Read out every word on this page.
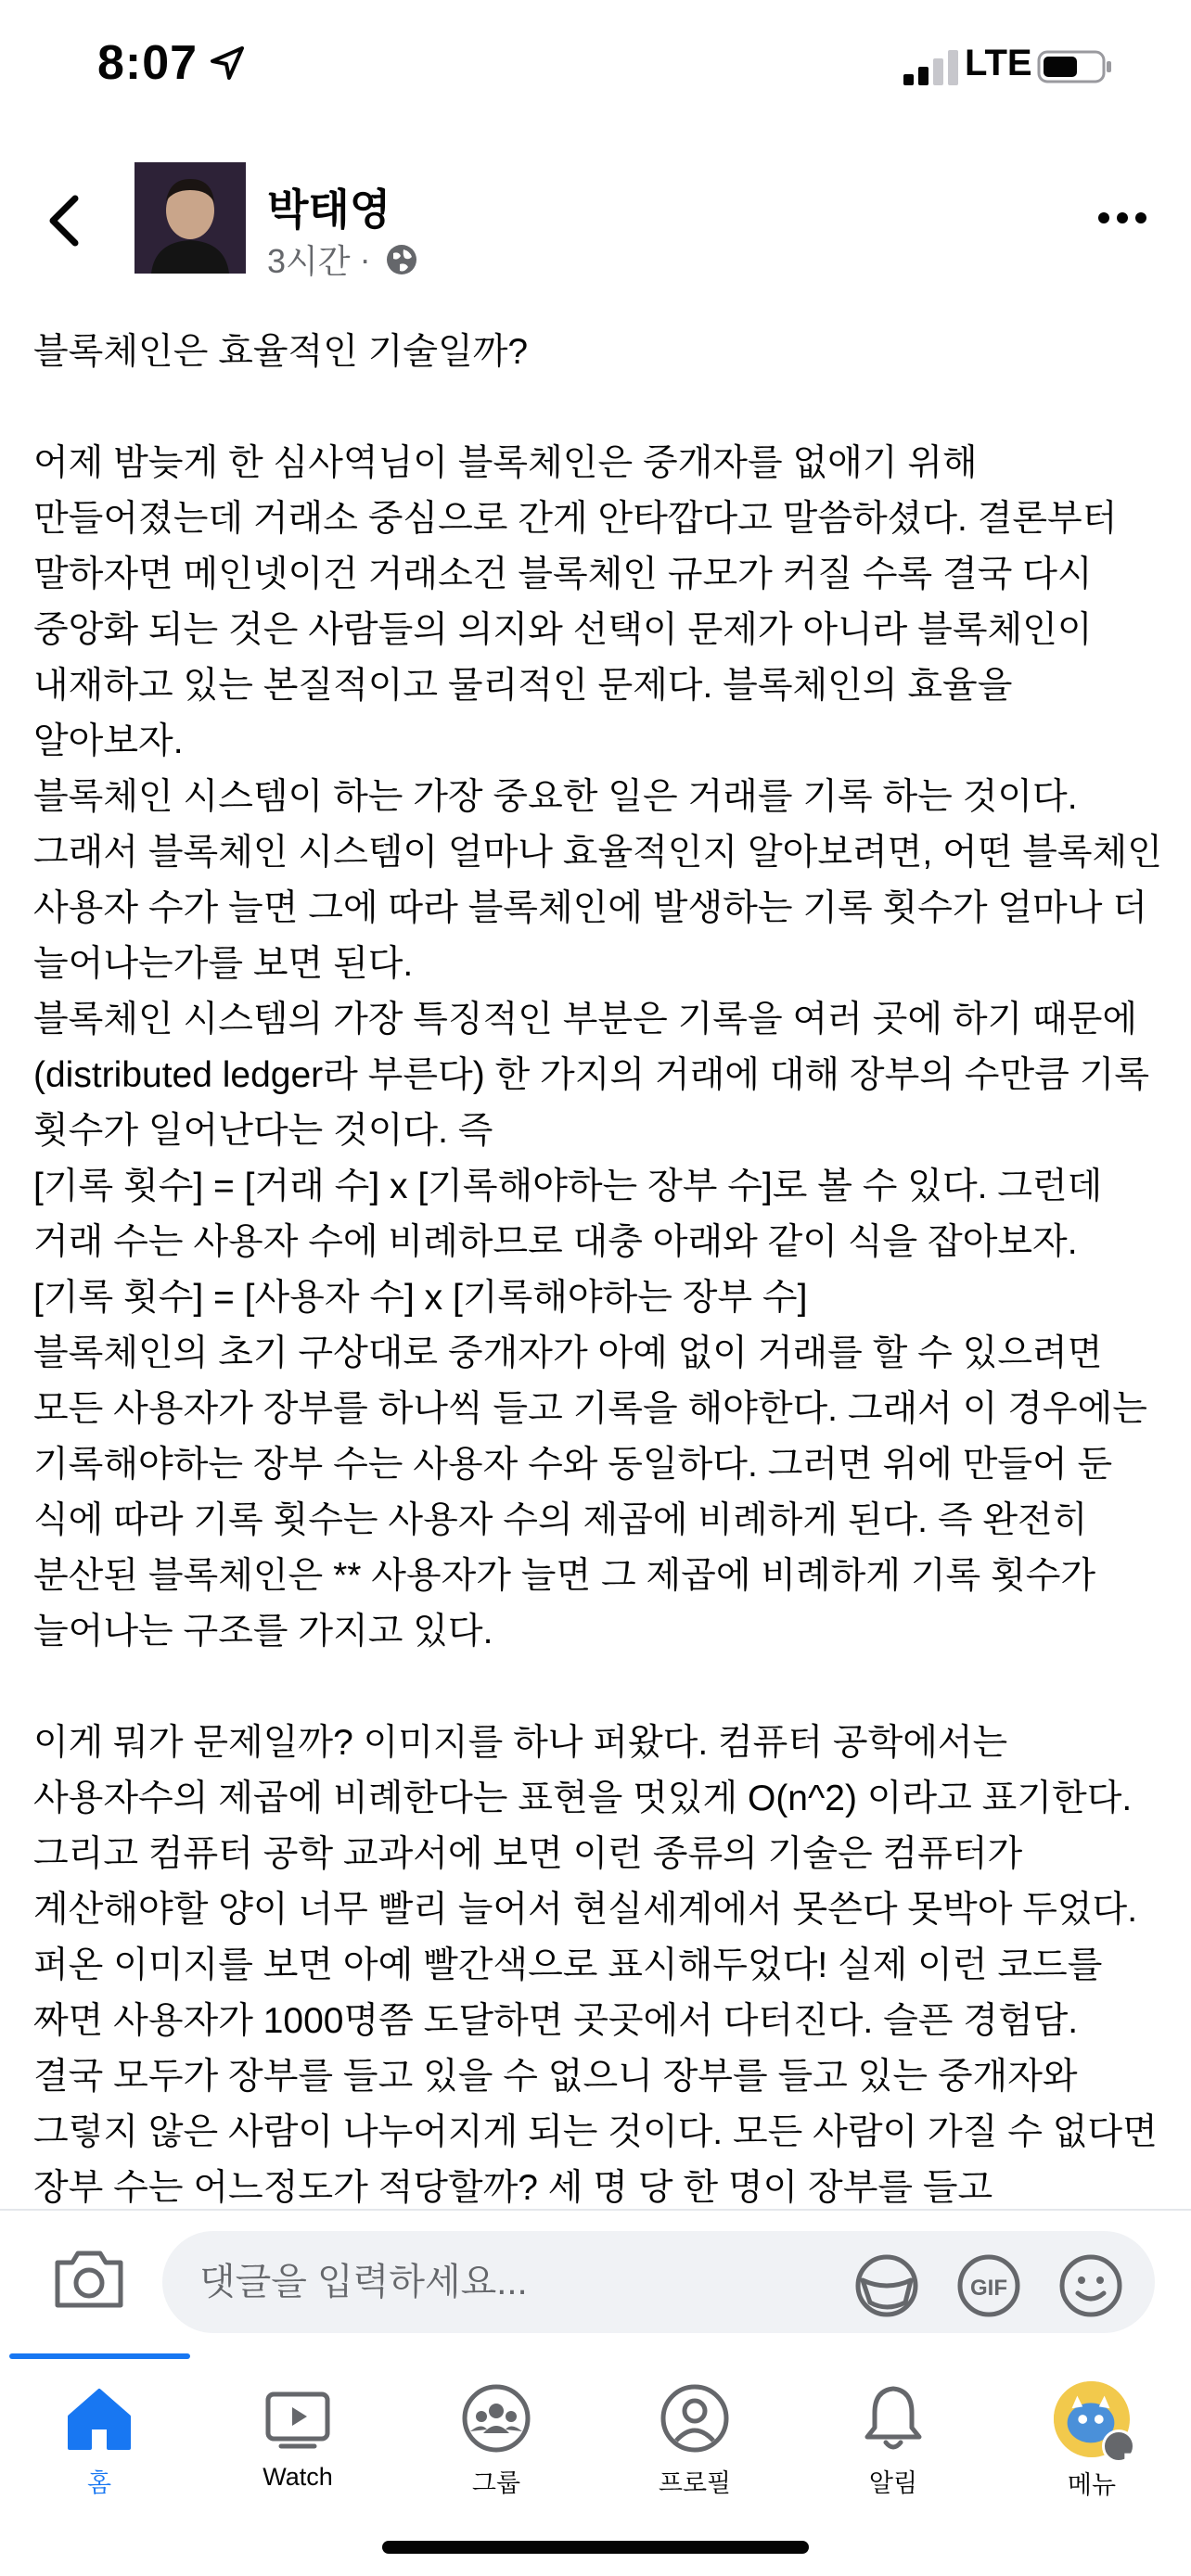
8:07	LTE
박태영
3시간 ·
블록체인은 효율적인 기술일까?

어제 밤늦게 한 심사역님이 블록체인은 중개자를 없애기 위해 만들어졌는데 거래소 중심으로 간게 안타깝다고 말씀하셨다. 결론부터 말하자면 메인넷이건 거래소건 블록체인 규모가 커질 수록 결국 다시 중앙화 되는 것은 사람들의 의지와 선택이 문제가 아니라 블록체인이 내재하고 있는 본질적이고 물리적인 문제다. 블록체인의 효율을 알아보자.
블록체인 시스템이 하는 가장 중요한 일은 거래를 기록 하는 것이다. 그래서 블록체인 시스템이 얼마나 효율적인지 알아보려면, 어떤 블록체인 사용자 수가 늘면 그에 따라 블록체인에 발생하는 기록 횟수가 얼마나 더 늘어나는가를 보면 된다.
블록체인 시스템의 가장 특징적인 부분은 기록을 여러 곳에 하기 때문에 (distributed ledger라 부른다) 한 가지의 거래에 대해 장부의 수만큼 기록 횟수가 일어난다는 것이다. 즉
[기록 횟수] = [거래 수] x [기록해야하는 장부 수]로 볼 수 있다. 그런데 거래 수는 사용자 수에 비례하므로 대충 아래와 같이 식을 잡아보자.
[기록 횟수] = [사용자 수] x [기록해야하는 장부 수]
블록체인의 초기 구상대로 중개자가 아예 없이 거래를 할 수 있으려면 모든 사용자가 장부를 하나씩 들고 기록을 해야한다. 그래서 이 경우에는 기록해야하는 장부 수는 사용자 수와 동일하다. 그러면 위에 만들어 둔 식에 따라 기록 횟수는 사용자 수의 제곱에 비례하게 된다. 즉 완전히 분산된 블록체인은 ** 사용자가 늘면 그 제곱에 비례하게 기록 횟수가 늘어나는 구조를 가지고 있다.

이게 뭐가 문제일까? 이미지를 하나 퍼왔다. 컴퓨터 공학에서는 사용자수의 제곱에 비례한다는 표현을 멋있게 O(n^2) 이라고 표기한다. 그리고 컴퓨터 공학 교과서에 보면 이런 종류의 기술은 컴퓨터가 계산해야할 양이 너무 빨리 늘어서 현실세계에서 못쓴다 못박아 두었다. 퍼온 이미지를 보면 아예 빨간색으로 표시해두었다! 실제 이런 코드를 짜면 사용자가 1000명쯤 도달하면 곳곳에서 다터진다. 슬픈 경험담.
결국 모두가 장부를 들고 있을 수 없으니 장부를 들고 있는 중개자와 그렇지 않은 사람이 나누어지게 되는 것이다. 모든 사람이 가질 수 없다면 장부 수는 어느정도가 적당할까? 세 명 당 한 명이 장부를 들고
댓글을 입력하세요...
GIF
홈	Watch	그룹	프로필	알림	메뉴
